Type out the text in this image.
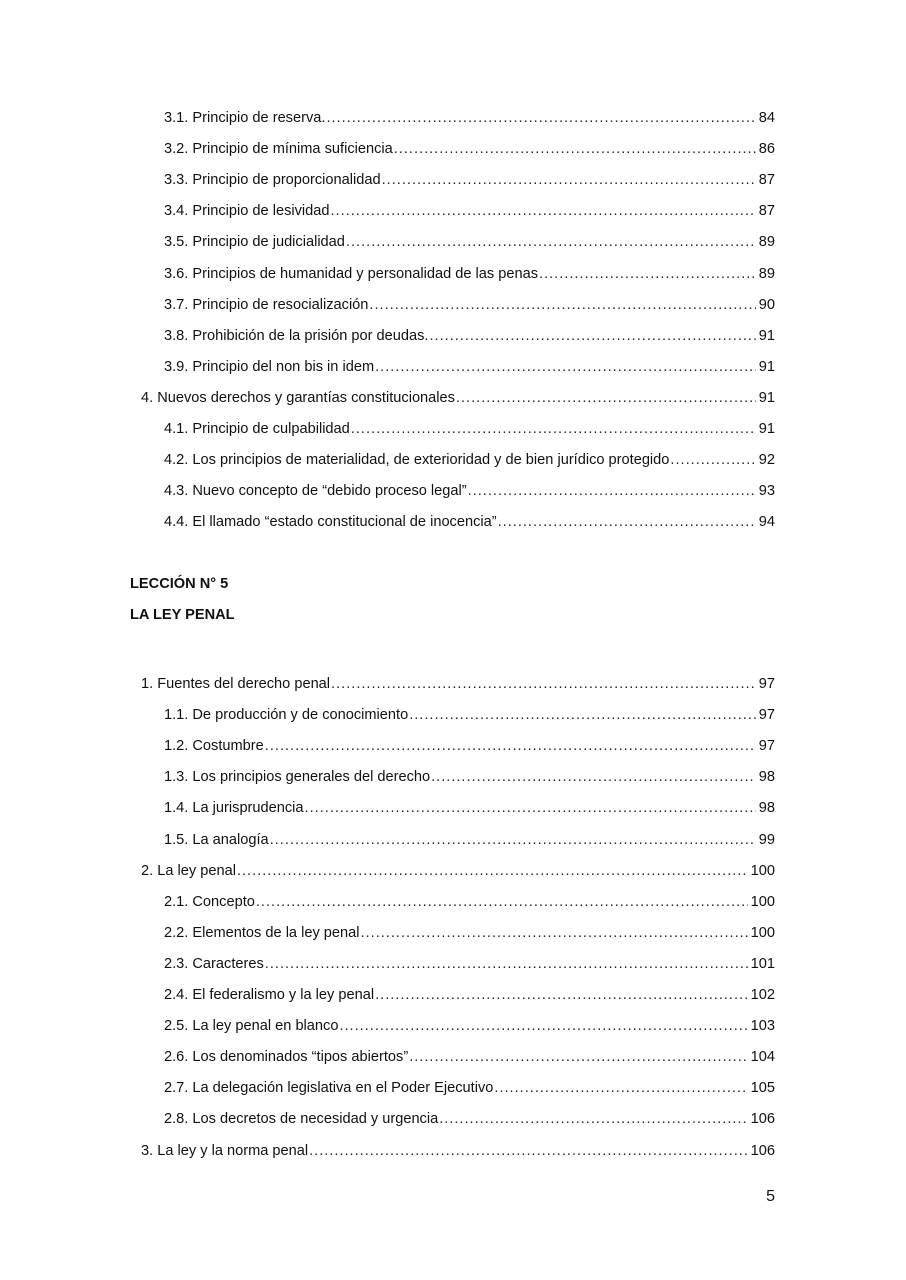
3.1. Principio de reserva. .....	84
3.2. Principio de mínima suficiencia .....	86
3.3. Principio de proporcionalidad .....	87
3.4. Principio de lesividad .....	87
3.5. Principio de judicialidad .....	89
3.6. Principios de humanidad y personalidad de las penas .....	89
3.7. Principio de resocialización .....	90
3.8. Prohibición de la prisión por deudas. .....	91
3.9. Principio del non bis in idem .....	91
4. Nuevos derechos y garantías constitucionales .....	91
4.1. Principio de culpabilidad .....	91
4.2. Los principios de materialidad, de exterioridad y de bien jurídico protegido .....	92
4.3. Nuevo concepto de “debido proceso legal” .....	93
4.4. El llamado “estado constitucional de inocencia” .....	94
LECCIÓN N° 5
LA LEY PENAL
1. Fuentes del derecho penal .....	97
1.1. De producción y de conocimiento .....	97
1.2. Costumbre .....	97
1.3. Los principios generales del derecho .....	98
1.4. La jurisprudencia .....	98
1.5. La analogía .....	99
2. La ley penal .....	100
2.1. Concepto .....	100
2.2. Elementos de la ley penal .....	100
2.3. Caracteres .....	101
2.4. El federalismo y la ley penal .....	102
2.5. La ley penal en blanco .....	103
2.6. Los denominados “tipos abiertos” .....	104
2.7. La delegación legislativa en el Poder Ejecutivo .....	105
2.8. Los decretos de necesidad y urgencia .....	106
3. La ley y la norma penal .....	106
5
